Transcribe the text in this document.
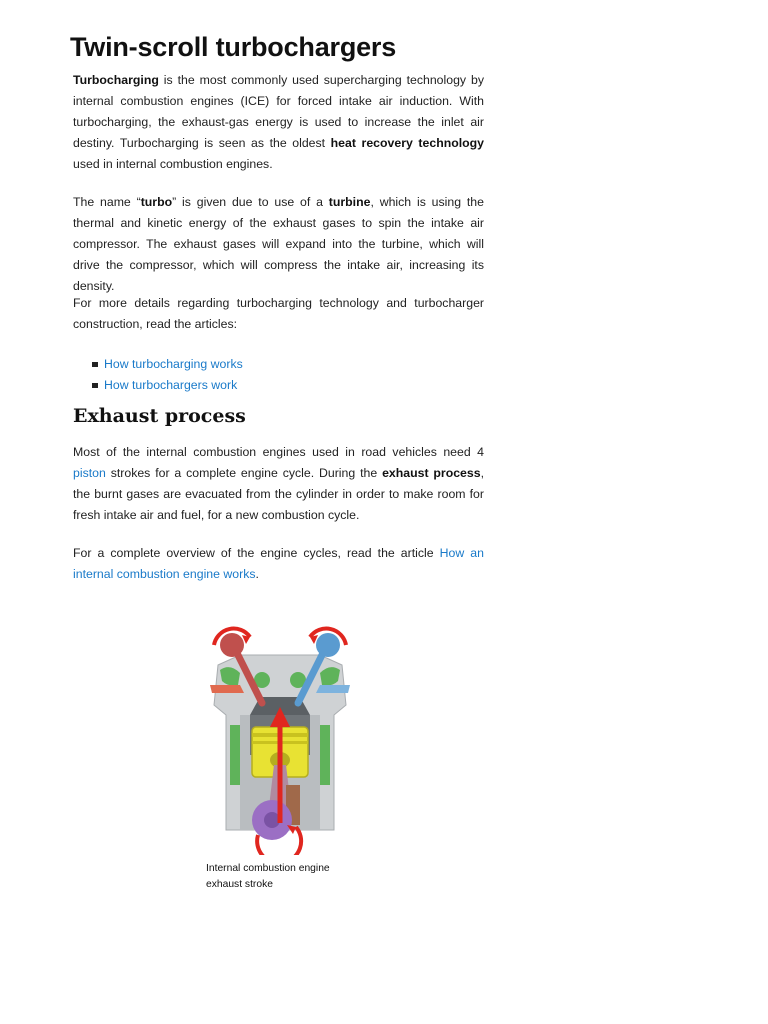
Twin-scroll turbochargers

Turbocharging is the most commonly used supercharging technology by internal combustion engines (ICE) for forced intake air induction. With turbocharging, the exhaust-gas energy is used to increase the inlet air destiny. Turbocharging is seen as the oldest heat recovery technology used in internal combustion engines.

The name “turbo” is given due to use of a turbine, which is using the thermal and kinetic energy of the exhaust gases to spin the intake air compressor. The exhaust gases will expand into the turbine, which will drive the compressor, which will compress the intake air, increasing its density.

For more details regarding turbocharging technology and turbocharger construction, read the articles:

How turbocharging works
How turbochargers work
Exhaust process

Most of the internal combustion engines used in road vehicles need 4 piston strokes for a complete engine cycle. During the exhaust process, the burnt gases are evacuated from the cylinder in order to make room for fresh intake air and fuel, for a new combustion cycle.

For a complete overview of the engine cycles, read the article How an internal combustion engine works.

Internal combustion engine
exhaust stroke
